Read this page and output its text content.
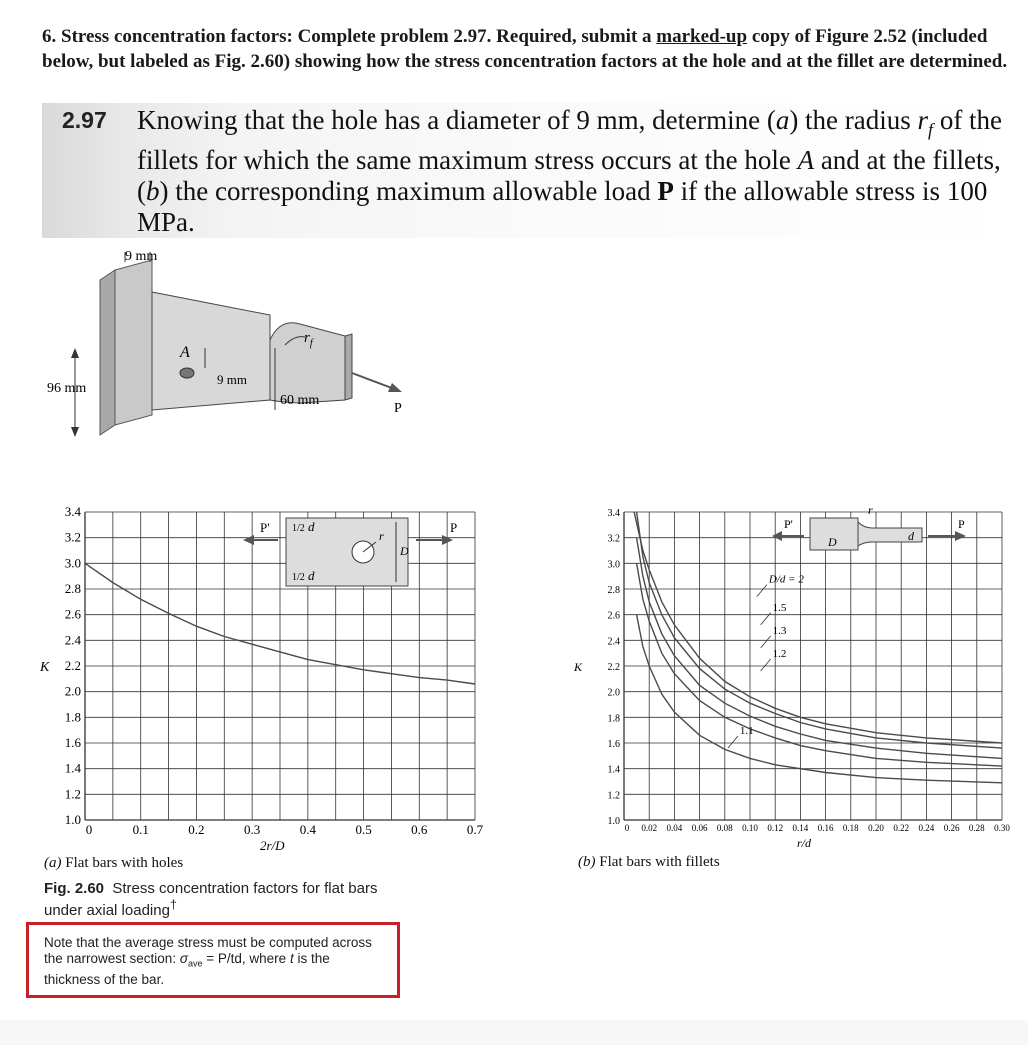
6. Stress concentration factors: Complete problem 2.97. Required, submit a marked-up copy of Figure 2.52 (included below, but labeled as Fig. 2.60) showing how the stress concentration factors at the hole and at the fillet are determined.
2.97 Knowing that the hole has a diameter of 9 mm, determine (a) the radius $r_f$ of the fillets for which the same maximum stress occurs at the hole A and at the fillets, (b) the corresponding maximum allowable load P if the allowable stress is 100 MPa.
9 mm
96 mm
A
9 mm
60 mm
$r_f$
P
1.0
1.2
1.4
1.6
1.8
2.0
2.2
2.4
2.6
2.8
3.0
3.2
3.4
0	0.1	0.2	0.3	0.4	0.5	0.6	0.7
K
2r/D
P'	P
1/2 d
1/2 d
r
D
1.0
1.2
1.4
1.6
1.8
2.0
2.2
2.4
2.6
2.8
3.0
3.2
3.4
0 0.02 0.04 0.06 0.08 0.10 0.12 0.14 0.16 0.18 0.20 0.22 0.24 0.26 0.28 0.30
D/d = 2
1.5
1.3
1.2
1.1
K
r/d
P'	P
D
r
d
(a) Flat bars with holes	(b) Flat bars with fillets
Fig. 2.60 Stress concentration factors for flat bars under axial loading†
Note that the average stress must be computed across the narrowest section: $\sigma_{ave} = P/td$, where t is the thickness of the bar.
